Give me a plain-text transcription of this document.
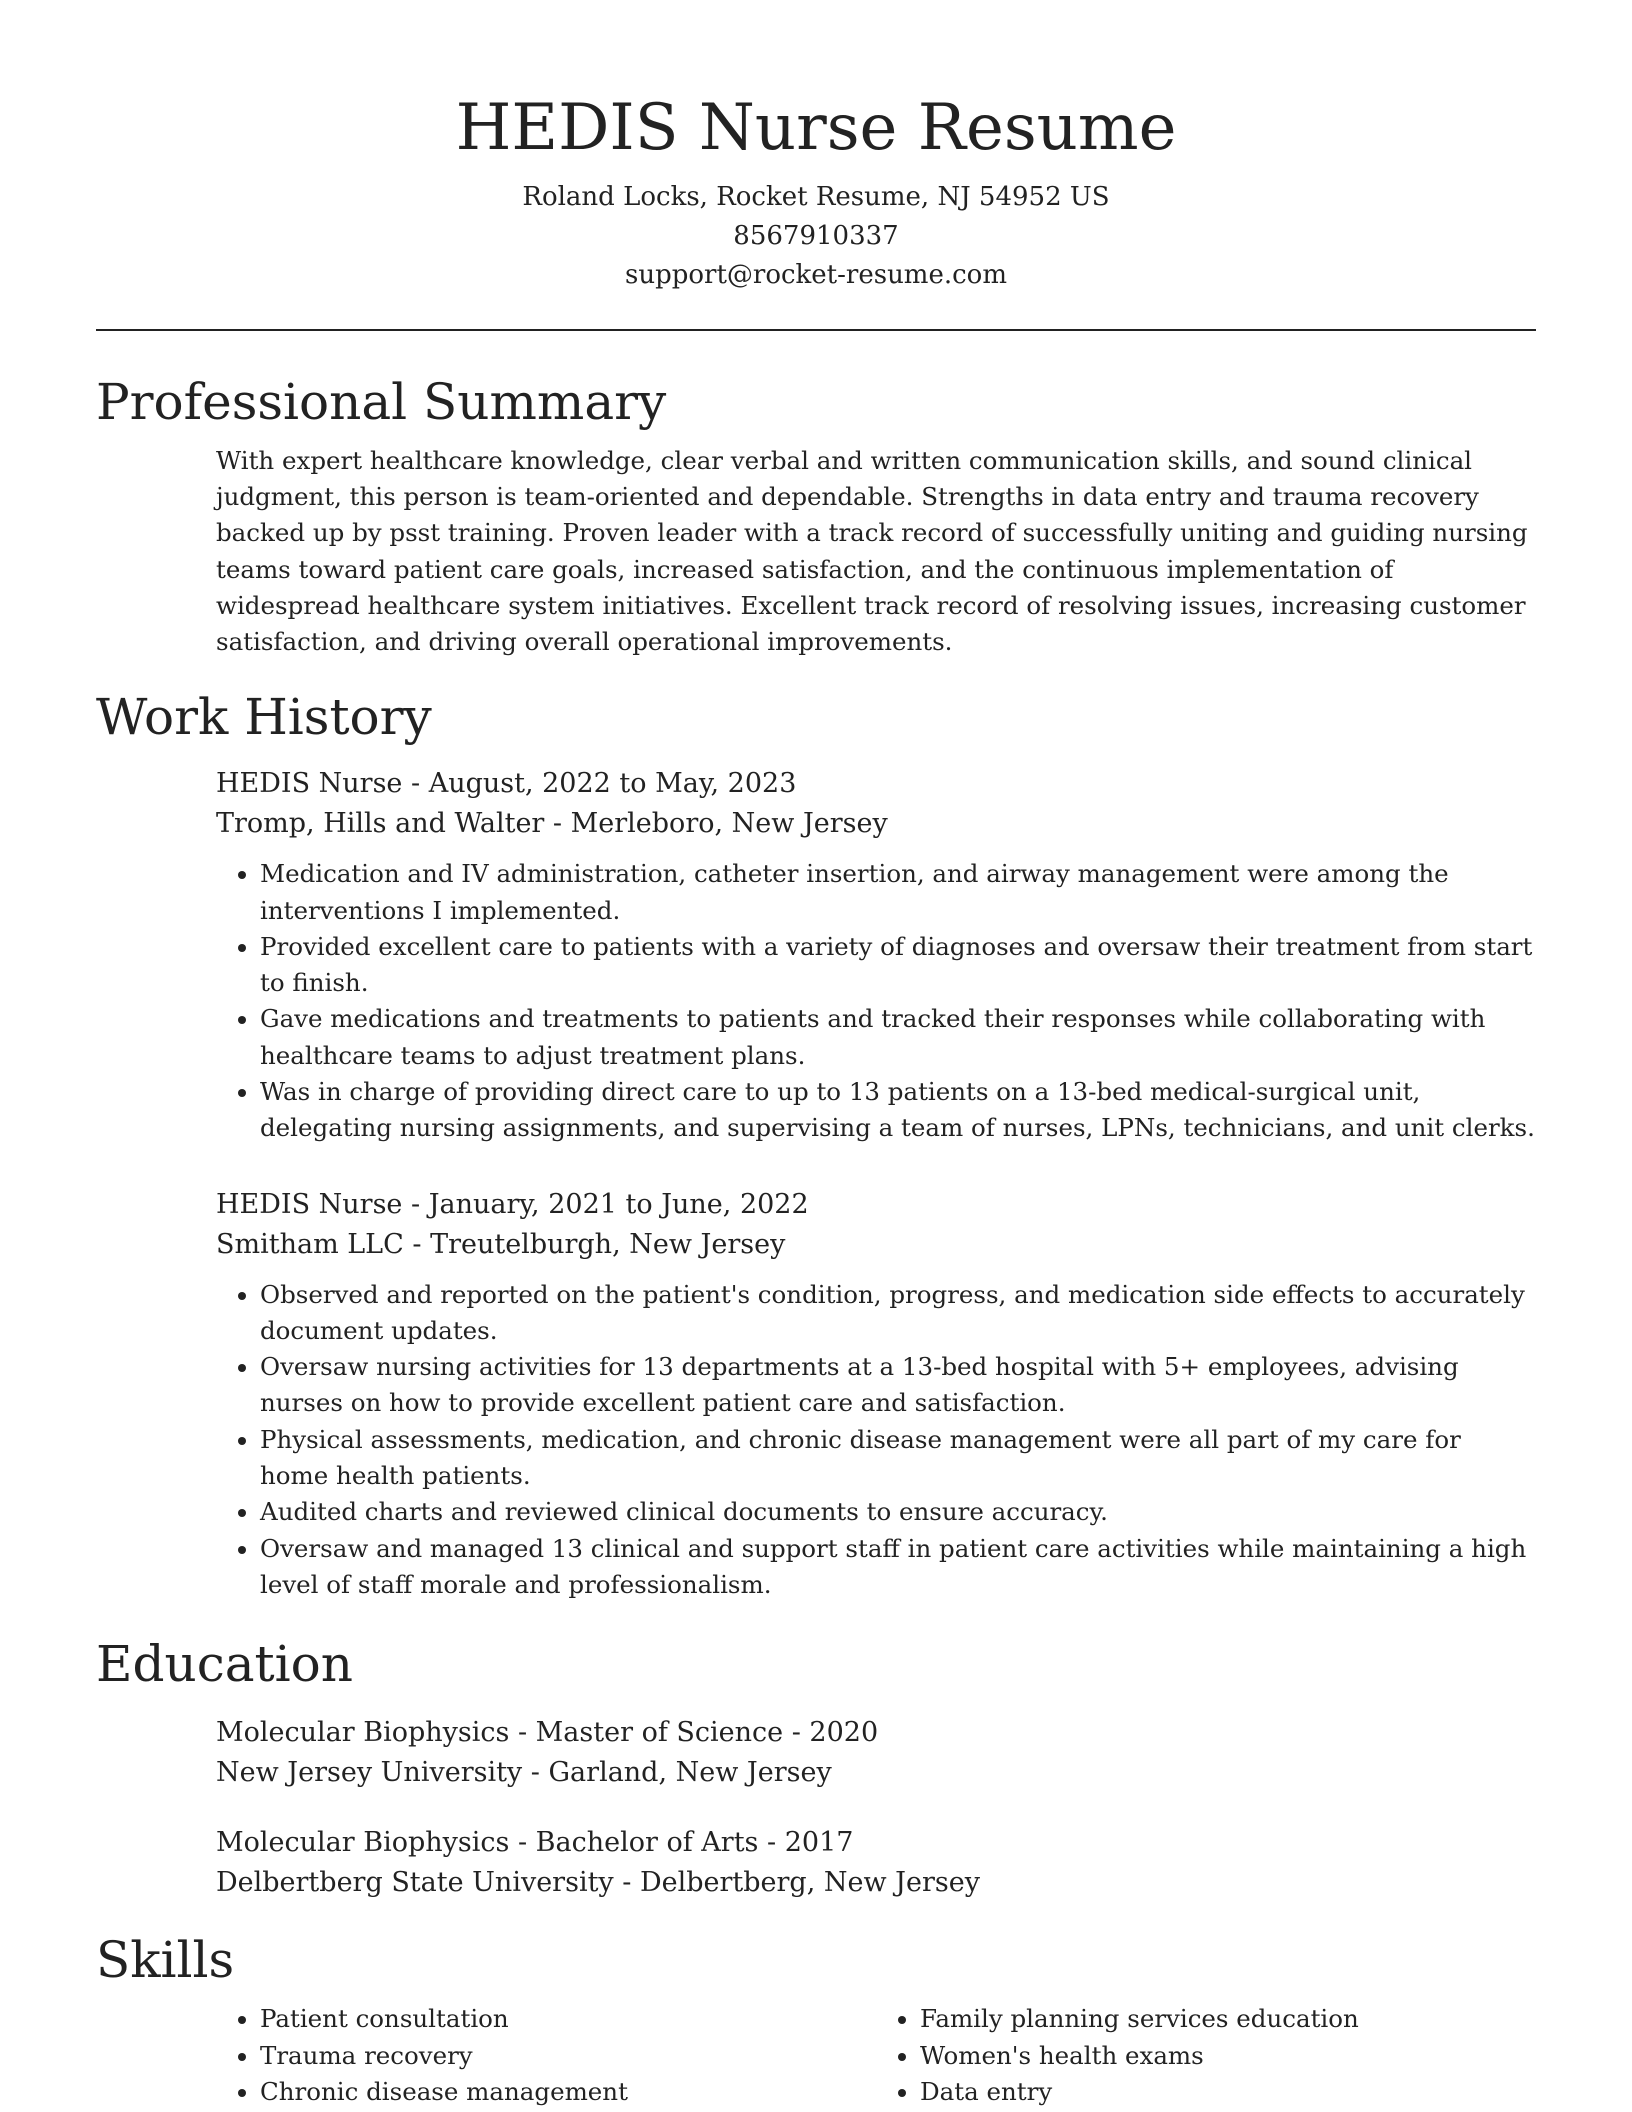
HEDIS Nurse Resume
Roland Locks, Rocket Resume, NJ 54952 US
8567910337
support@rocket-resume.com
Professional Summary

With expert healthcare knowledge, clear verbal and written communication skills, and sound clinical judgment, this person is team-oriented and dependable. Strengths in data entry and trauma recovery backed up by psst training. Proven leader with a track record of successfully uniting and guiding nursing teams toward patient care goals, increased satisfaction, and the continuous implementation of widespread healthcare system initiatives. Excellent track record of resolving issues, increasing customer satisfaction, and driving overall operational improvements.

Work History
HEDIS Nurse - August, 2022 to May, 2023
Tromp, Hills and Walter - Merleboro, New Jersey
• Medication and IV administration, catheter insertion, and airway management were among the interventions I implemented.
• Provided excellent care to patients with a variety of diagnoses and oversaw their treatment from start to finish.
• Gave medications and treatments to patients and tracked their responses while collaborating with healthcare teams to adjust treatment plans.
• Was in charge of providing direct care to up to 13 patients on a 13-bed medical-surgical unit, delegating nursing assignments, and supervising a team of nurses, LPNs, technicians, and unit clerks.
HEDIS Nurse - January, 2021 to June, 2022
Smitham LLC - Treutelburgh, New Jersey
• Observed and reported on the patient's condition, progress, and medication side effects to accurately document updates.
• Oversaw nursing activities for 13 departments at a 13-bed hospital with 5+ employees, advising nurses on how to provide excellent patient care and satisfaction.
• Physical assessments, medication, and chronic disease management were all part of my care for home health patients.
• Audited charts and reviewed clinical documents to ensure accuracy.
• Oversaw and managed 13 clinical and support staff in patient care activities while maintaining a high level of staff morale and professionalism.
Education
Molecular Biophysics - Master of Science - 2020
New Jersey University - Garland, New Jersey
Molecular Biophysics - Bachelor of Arts - 2017
Delbertberg State University - Delbertberg, New Jersey
Skills
• Patient consultation
• Trauma recovery
• Chronic disease management
• Family planning services education
• Women's health exams
• Data entry
